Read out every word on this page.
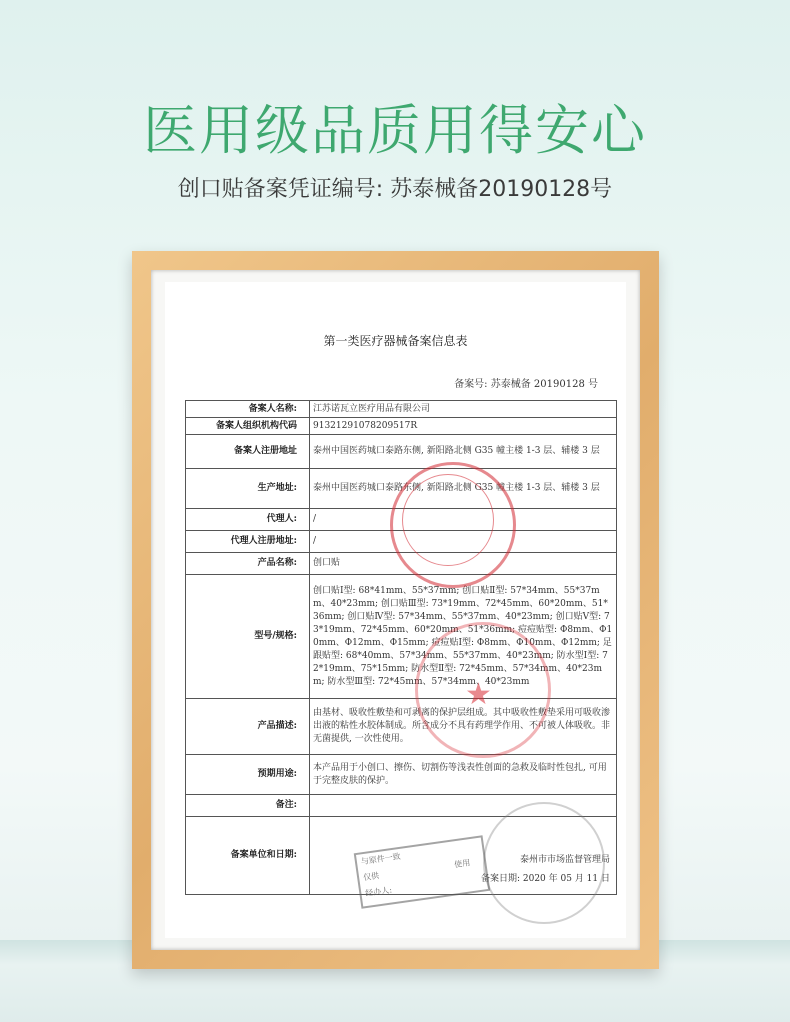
医用级品质用得安心
创口贴备案凭证编号: 苏泰械备20190128号
第一类医疗器械备案信息表
备案号: 苏泰械备 20190128 号
备案人名称:	江苏诺瓦立医疗用品有限公司
备案人组织机构代码	91321291078209517R
备案人注册地址	泰州中国医药城口泰路东侧, 新阳路北侧 G35 幢主楼 1-3 层、辅楼 3 层
生产地址:	泰州中国医药城口泰路东侧, 新阳路北侧 G35 幢主楼 1-3 层、辅楼 3 层
代理人:	/
代理人注册地址:	/
产品名称:	创口贴
型号/规格:	创口贴Ⅰ型: 68*41mm、55*37mm; 创口贴Ⅱ型: 57*34mm、55*37mm、40*23mm; 创口贴Ⅲ型: 73*19mm、72*45mm、60*20mm、51*36mm; 创口贴Ⅳ型: 57*34mm、55*37mm、40*23mm; 创口贴Ⅴ型: 73*19mm、72*45mm、60*20mm、51*36mm; 痘痘贴型: Φ8mm、Φ10mm、Φ12mm、Φ15mm; 痘痘贴Ⅰ型: Φ8mm、Φ10mm、Φ12mm; 足跟贴型: 68*40mm、57*34mm、55*37mm、40*23mm; 防水型Ⅰ型: 72*19mm、75*15mm; 防水型Ⅱ型: 72*45mm、57*34mm、40*23mm; 防水型Ⅲ型: 72*45mm、57*34mm、40*23mm
产品描述:	由基材、吸收性敷垫和可剥离的保护层组成。其中吸收性敷垫采用可吸收渗出液的粘性水胶体制成。所含成分不具有药理学作用、不可被人体吸收。非无菌提供, 一次性使用。
预期用途:	本产品用于小创口、擦伤、切割伤等浅表性创面的急救及临时性包扎, 可用于完整皮肤的保护。
备注:	
备案单位和日期:	泰州市市场监督管理局
备案日期: 2020 年 05 月 11 日
★
与原件一致
仅供
经办人:
使用
